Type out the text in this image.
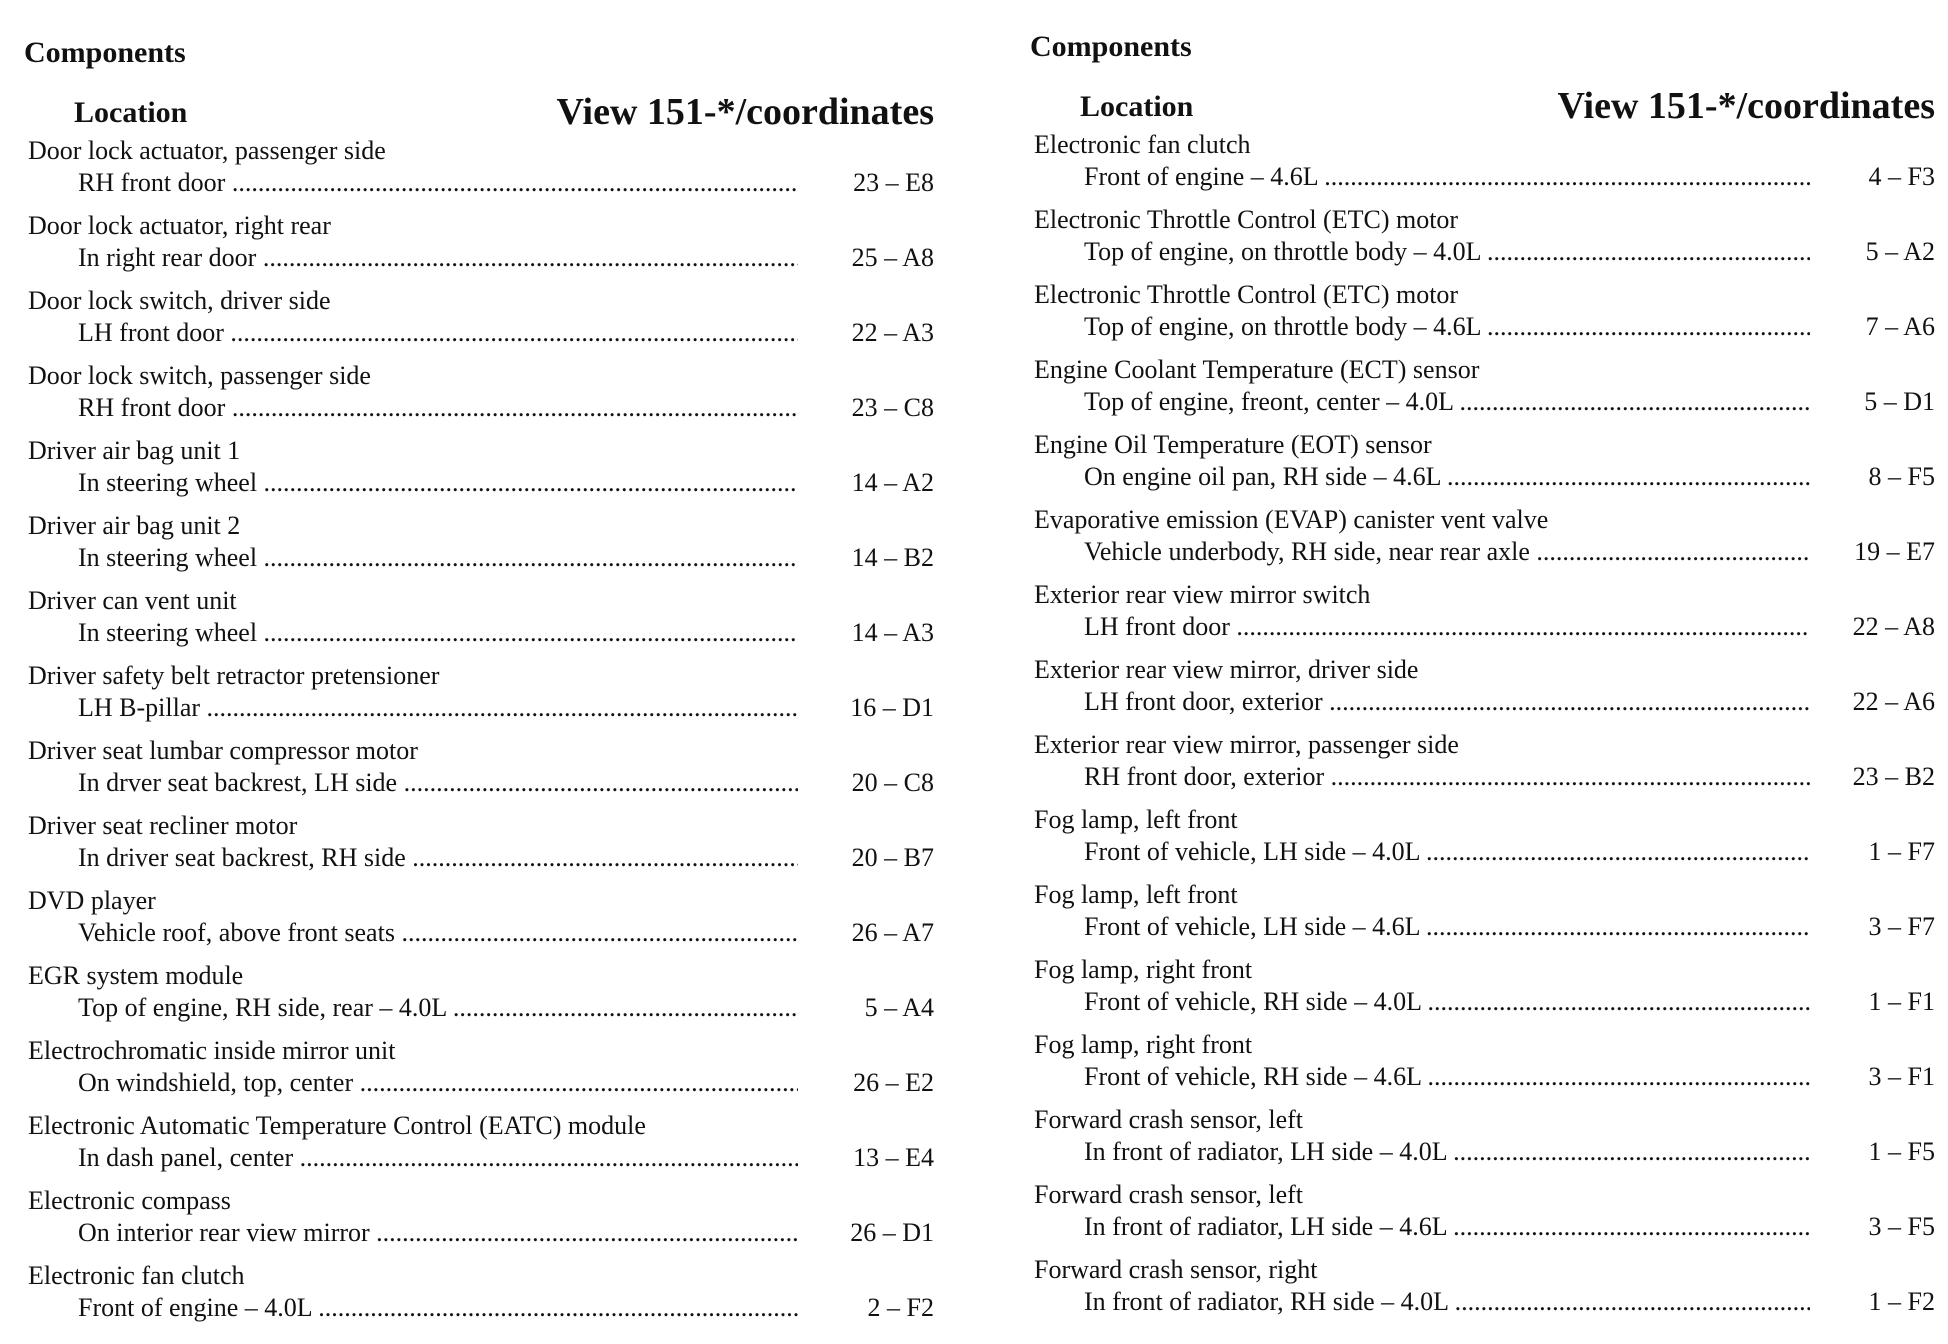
Components
Location	View 151-*/coordinates
Door lock actuator, passenger side
RH front door .....	23 – E8
Door lock actuator, right rear
In right rear door .....	25 – A8
Door lock switch, driver side
LH front door .....	22 – A3
Door lock switch, passenger side
RH front door .....	23 – C8
Driver air bag unit 1
In steering wheel .....	14 – A2
Driver air bag unit 2
In steering wheel .....	14 – B2
Driver can vent unit
In steering wheel .....	14 – A3
Driver safety belt retractor pretensioner
LH B-pillar .....	16 – D1
Driver seat lumbar compressor motor
In drver seat backrest, LH side .....	20 – C8
Driver seat recliner motor
In driver seat backrest, RH side .....	20 – B7
DVD player
Vehicle roof, above front seats .....	26 – A7
EGR system module
Top of engine, RH side, rear – 4.0L .....	5 – A4
Electrochromatic inside mirror unit
On windshield, top, center .....	26 – E2
Electronic Automatic Temperature Control (EATC) module
In dash panel, center .....	13 – E4
Electronic compass
On interior rear view mirror .....	26 – D1
Electronic fan clutch
Front of engine – 4.0L .....	2 – F2
Components
Location	View 151-*/coordinates
Electronic fan clutch
Front of engine – 4.6L .....	4 – F3
Electronic Throttle Control (ETC) motor
Top of engine, on throttle body – 4.0L .....	5 – A2
Electronic Throttle Control (ETC) motor
Top of engine, on throttle body – 4.6L .....	7 – A6
Engine Coolant Temperature (ECT) sensor
Top of engine, freont, center – 4.0L .....	5 – D1
Engine Oil Temperature (EOT) sensor
On engine oil pan, RH side – 4.6L .....	8 – F5
Evaporative emission (EVAP) canister vent valve
Vehicle underbody, RH side, near rear axle .....	19 – E7
Exterior rear view mirror switch
LH front door .....	22 – A8
Exterior rear view mirror, driver side
LH front door, exterior .....	22 – A6
Exterior rear view mirror, passenger side
RH front door, exterior .....	23 – B2
Fog lamp, left front
Front of vehicle, LH side – 4.0L .....	1 – F7
Fog lamp, left front
Front of vehicle, LH side – 4.6L .....	3 – F7
Fog lamp, right front
Front of vehicle, RH side – 4.0L .....	1 – F1
Fog lamp, right front
Front of vehicle, RH side – 4.6L .....	3 – F1
Forward crash sensor, left
In front of radiator, LH side – 4.0L .....	1 – F5
Forward crash sensor, left
In front of radiator, LH side – 4.6L .....	3 – F5
Forward crash sensor, right
In front of radiator, RH side – 4.0L .....	1 – F2
